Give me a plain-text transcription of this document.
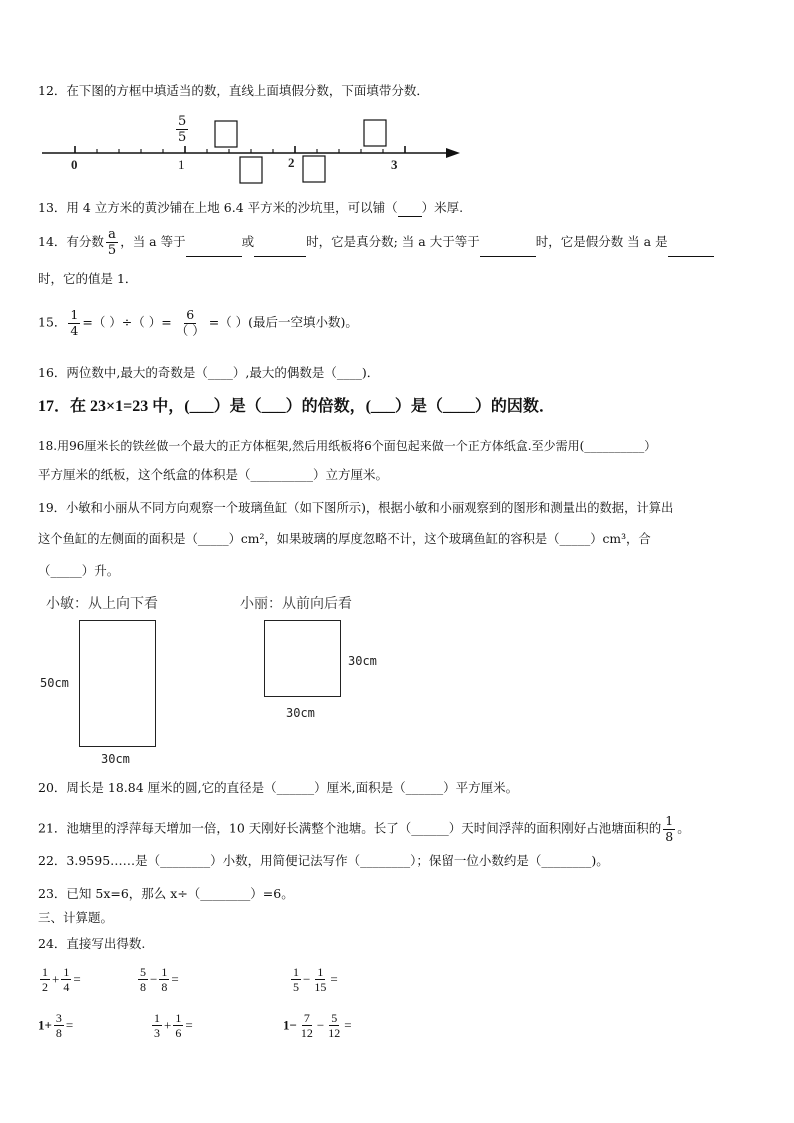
12．在下图的方框中填适当的数，直线上面填假分数，下面填带分数．
$\frac{5}{5}$
0	1	2	3
13．用 4 立方米的黄沙铺在上地 6.4 平方米的沙坑里，可以铺（ ）米厚.
14．有分数 $\frac{a}{5}$ ，当 a 等于	或	时，它是真分数; 当 a 大于等于	时，它是假分数 当 a 是
时，它的值是 1．
15． $\frac{1}{4}$ =（ ）÷（ ）= $\frac{6}{( )}$ =（ ）(最后一空填小数)。
16．两位数中,最大的奇数是（____）,最大的偶数是（____)．
17．在 23×1=23 中，(___）是（___）的倍数，(___）是（____）的因数．
18.用96厘米长的铁丝做一个最大的正方体框架,然后用纸板将6个面包起来做一个正方体纸盒.至少需用(__________）
平方厘米的纸板，这个纸盒的体积是（__________）立方厘米。
19．小敏和小丽从不同方向观察一个玻璃鱼缸（如下图所示)，根据小敏和小丽观察到的图形和测量出的数据，计算出
这个鱼缸的左侧面的面积是（_____）cm²，如果玻璃的厚度忽略不计，这个玻璃鱼缸的容积是（_____）cm³，合
（_____）升。
小敏：从上向下看	小丽：从前向后看
50cm
30cm
30cm
30cm
20．周长是 18.84 厘米的圆,它的直径是（______）厘米,面积是（______）平方厘米。
21．池塘里的浮萍每天增加一倍，10 天刚好长满整个池塘。长了（______）天时间浮萍的面积刚好占池塘面积的 $\frac{1}{8}$ 。
22．3.9595……是（________）小数，用简便记法写作（________）；保留一位小数约是（________)。
23．已知 5x=6，那么 x÷（________）=6。
三、计算题。
24．直接写出得数.
$\frac{1}{2} + \frac{1}{4}$ =	$\frac{5}{8} - \frac{1}{8}$ =	$\frac{1}{5} - \frac{1}{15}$ =
$1+ \frac{3}{8}$ =	$\frac{1}{3} + \frac{1}{6}$ =	$1- \frac{7}{12} - \frac{5}{12}$ =
